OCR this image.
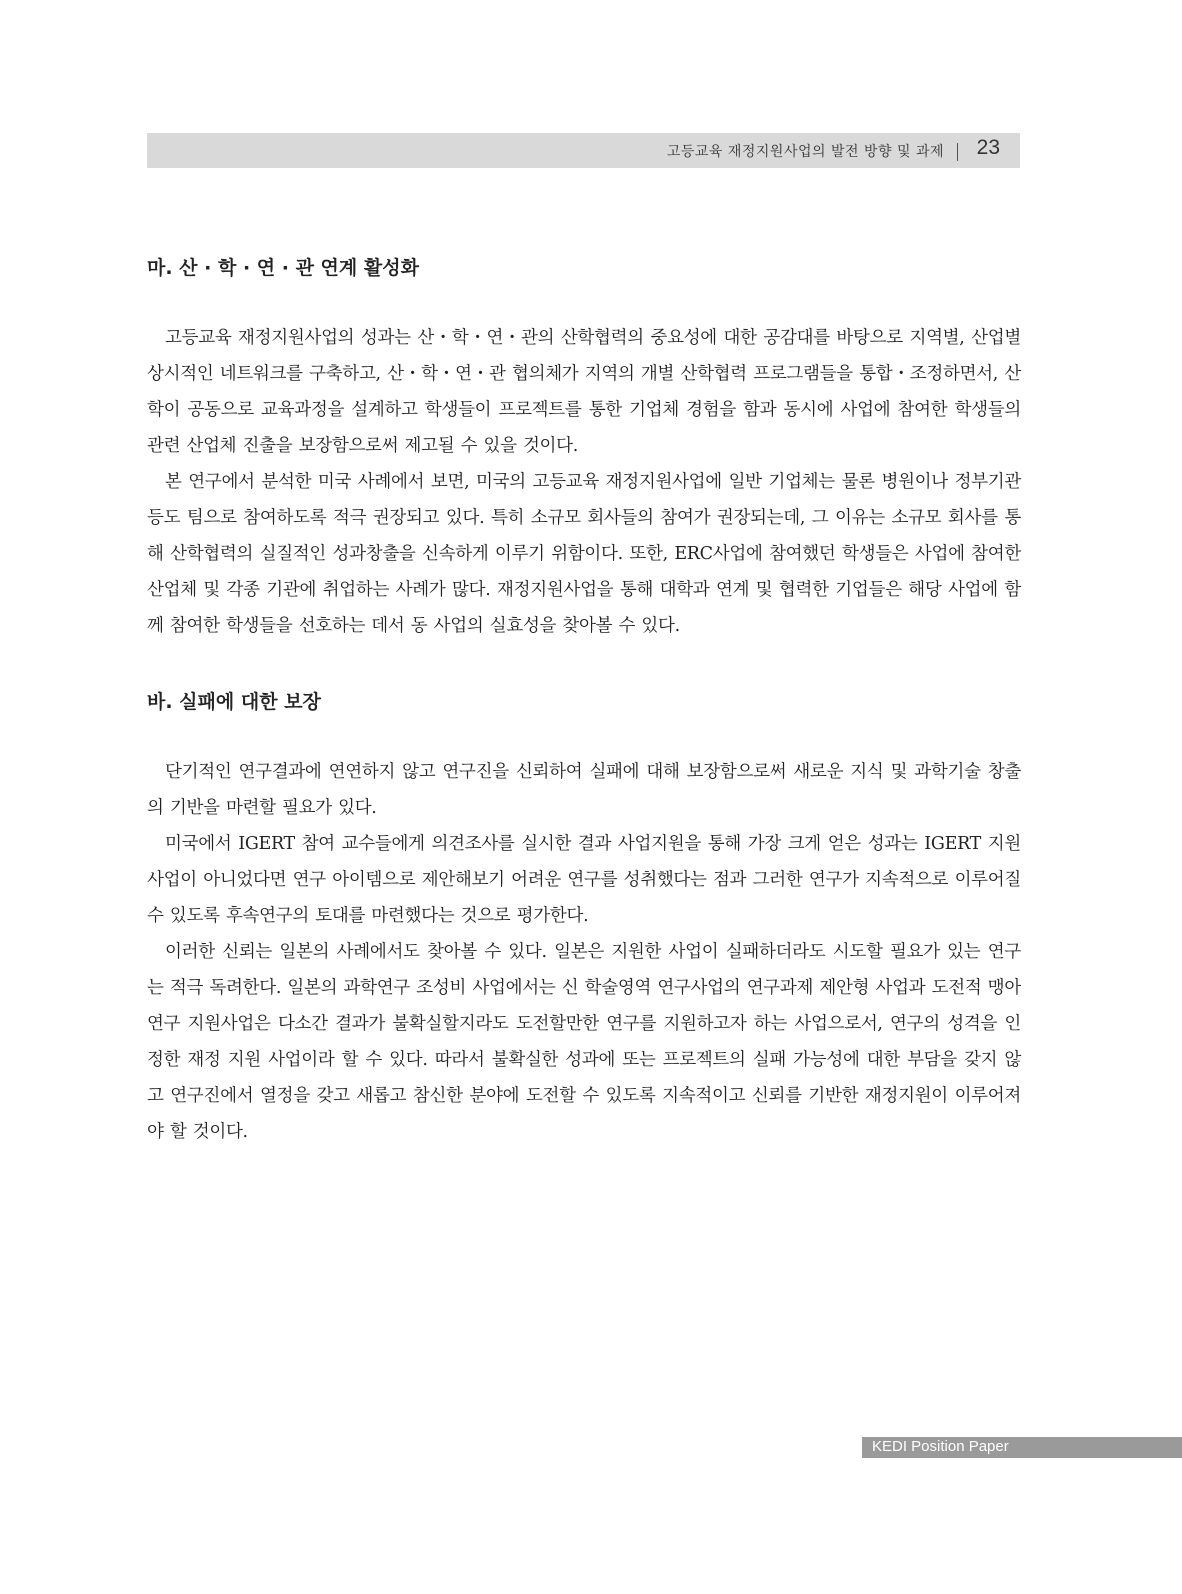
고등교육 재정지원사업의 발전 방향 및 과제 23
마. 산 · 학 · 연 · 관 연계 활성화

고등교육 재정지원사업의 성과는 산・학・연・관의 산학협력의 중요성에 대한 공감대를 바탕으로 지역별, 산업별 상시적인 네트워크를 구축하고, 산・학・연・관 협의체가 지역의 개별 산학협력 프로그램들을 통합・조정하면서, 산학이 공동으로 교육과정을 설계하고 학생들이 프로젝트를 통한 기업체 경험을 함과 동시에 사업에 참여한 학생들의 관련 산업체 진출을 보장함으로써 제고될 수 있을 것이다.

본 연구에서 분석한 미국 사례에서 보면, 미국의 고등교육 재정지원사업에 일반 기업체는 물론 병원이나 정부기관 등도 팀으로 참여하도록 적극 권장되고 있다. 특히 소규모 회사들의 참여가 권장되는데, 그 이유는 소규모 회사를 통해 산학협력의 실질적인 성과창출을 신속하게 이루기 위함이다. 또한, ERC사업에 참여했던 학생들은 사업에 참여한 산업체 및 각종 기관에 취업하는 사례가 많다. 재정지원사업을 통해 대학과 연계 및 협력한 기업들은 해당 사업에 함께 참여한 학생들을 선호하는 데서 동 사업의 실효성을 찾아볼 수 있다.

바. 실패에 대한 보장

단기적인 연구결과에 연연하지 않고 연구진을 신뢰하여 실패에 대해 보장함으로써 새로운 지식 및 과학기술 창출의 기반을 마련할 필요가 있다.

미국에서 IGERT 참여 교수들에게 의견조사를 실시한 결과 사업지원을 통해 가장 크게 얻은 성과는 IGERT 지원 사업이 아니었다면 연구 아이템으로 제안해보기 어려운 연구를 성취했다는 점과 그러한 연구가 지속적으로 이루어질 수 있도록 후속연구의 토대를 마련했다는 것으로 평가한다.

이러한 신뢰는 일본의 사례에서도 찾아볼 수 있다. 일본은 지원한 사업이 실패하더라도 시도할 필요가 있는 연구는 적극 독려한다. 일본의 과학연구 조성비 사업에서는 신 학술영역 연구사업의 연구과제 제안형 사업과 도전적 맹아 연구 지원사업은 다소간 결과가 불확실할지라도 도전할만한 연구를 지원하고자 하는 사업으로서, 연구의 성격을 인정한 재정 지원 사업이라 할 수 있다. 따라서 불확실한 성과에 또는 프로젝트의 실패 가능성에 대한 부담을 갖지 않고 연구진에서 열정을 갖고 새롭고 참신한 분야에 도전할 수 있도록 지속적이고 신뢰를 기반한 재정지원이 이루어져야 할 것이다.

KEDI Position Paper
